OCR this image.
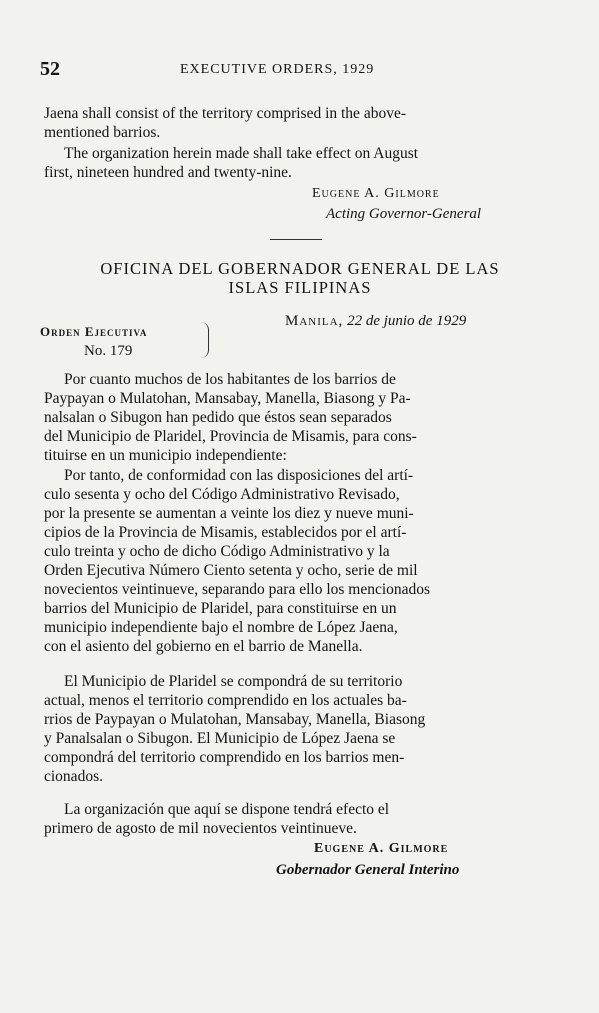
52	EXECUTIVE ORDERS, 1929

Jaena shall consist of the territory comprised in the above-

mentioned barrios.

The organization herein made shall take effect on August

first, nineteen hundred and twenty-nine.

Eugene A. Gilmore
Acting Governor-General
OFICINA DEL GOBERNADOR GENERAL DE LAS
ISLAS FILIPINAS
Manila, 22 de junio de 1929
Orden Ejecutiva
No. 179

Por cuanto muchos de los habitantes de los barrios de

Paypayan o Mulatohan, Mansabay, Manella, Biasong y Pa-

nalsalan o Sibugon han pedido que éstos sean separados

del Municipio de Plaridel, Provincia de Misamis, para cons-

tituirse en un municipio independiente:

Por tanto, de conformidad con las disposiciones del artí-

culo sesenta y ocho del Código Administrativo Revisado,

por la presente se aumentan a veinte los diez y nueve muni-

cipios de la Provincia de Misamis, establecidos por el artí-

culo treinta y ocho de dicho Código Administrativo y la

Orden Ejecutiva Número Ciento setenta y ocho, serie de mil

novecientos veintinueve, separando para ello los mencionados

barrios del Municipio de Plaridel, para constituirse en un

municipio independiente bajo el nombre de López Jaena,

con el asiento del gobierno en el barrio de Manella.

El Municipio de Plaridel se compondrá de su territorio

actual, menos el territorio comprendido en los actuales ba-

rrios de Paypayan o Mulatohan, Mansabay, Manella, Biasong

y Panalsalan o Sibugon. El Municipio de López Jaena se

compondrá del territorio comprendido en los barrios men-

cionados.

La organización que aquí se dispone tendrá efecto el

primero de agosto de mil novecientos veintinueve.

Eugene A. Gilmore
Gobernador General Interino
